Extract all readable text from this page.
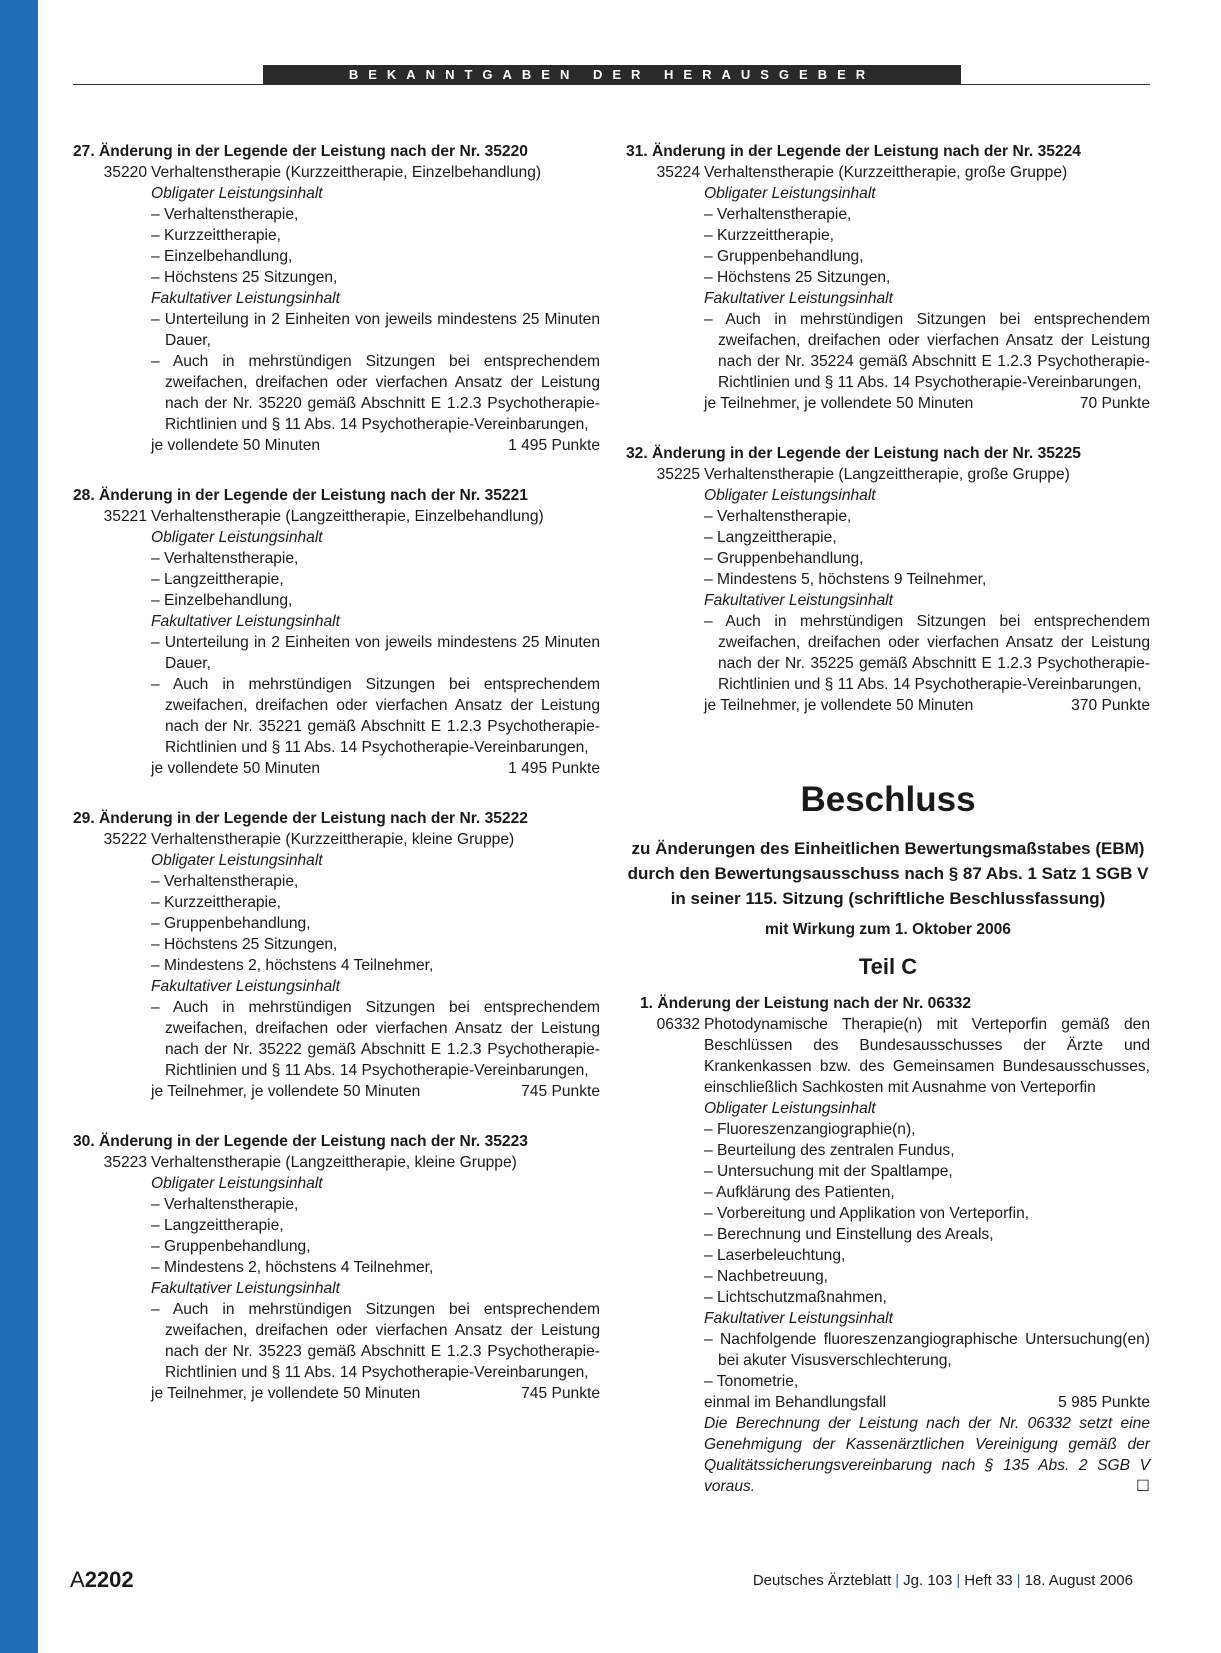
BEKANNTGABEN DER HERAUSGEBER
27. Änderung in der Legende der Leistung nach der Nr. 35220
35220 Verhaltenstherapie (Kurzzeittherapie, Einzelbehandlung)
Obligater Leistungsinhalt
– Verhaltenstherapie,
– Kurzzeittherapie,
– Einzelbehandlung,
– Höchstens 25 Sitzungen,
Fakultativer Leistungsinhalt
– Unterteilung in 2 Einheiten von jeweils mindestens 25 Minuten Dauer,
– Auch in mehrstündigen Sitzungen bei entsprechendem zweifachen, dreifachen oder vierfachen Ansatz der Leistung nach der Nr. 35220 gemäß Abschnitt E 1.2.3 Psychotherapie-Richtlinien und § 11 Abs. 14 Psychotherapie-Vereinbarungen,
je vollendete 50 Minuten	1 495 Punkte
28. Änderung in der Legende der Leistung nach der Nr. 35221
35221 Verhaltenstherapie (Langzeittherapie, Einzelbehandlung)
Obligater Leistungsinhalt
– Verhaltenstherapie,
– Langzeittherapie,
– Einzelbehandlung,
Fakultativer Leistungsinhalt
– Unterteilung in 2 Einheiten von jeweils mindestens 25 Minuten Dauer,
– Auch in mehrstündigen Sitzungen bei entsprechendem zweifachen, dreifachen oder vierfachen Ansatz der Leistung nach der Nr. 35221 gemäß Abschnitt E 1.2.3 Psychotherapie-Richtlinien und § 11 Abs. 14 Psychotherapie-Vereinbarungen,
je vollendete 50 Minuten	1 495 Punkte
29. Änderung in der Legende der Leistung nach der Nr. 35222
35222 Verhaltenstherapie (Kurzzeittherapie, kleine Gruppe)
Obligater Leistungsinhalt
– Verhaltenstherapie,
– Kurzzeittherapie,
– Gruppenbehandlung,
– Höchstens 25 Sitzungen,
– Mindestens 2, höchstens 4 Teilnehmer,
Fakultativer Leistungsinhalt
– Auch in mehrstündigen Sitzungen bei entsprechendem zweifachen, dreifachen oder vierfachen Ansatz der Leistung nach der Nr. 35222 gemäß Abschnitt E 1.2.3 Psychotherapie-Richtlinien und § 11 Abs. 14 Psychotherapie-Vereinbarungen,
je Teilnehmer, je vollendete 50 Minuten	745 Punkte
30. Änderung in der Legende der Leistung nach der Nr. 35223
35223 Verhaltenstherapie (Langzeittherapie, kleine Gruppe)
Obligater Leistungsinhalt
– Verhaltenstherapie,
– Langzeittherapie,
– Gruppenbehandlung,
– Mindestens 2, höchstens 4 Teilnehmer,
Fakultativer Leistungsinhalt
– Auch in mehrstündigen Sitzungen bei entsprechendem zweifachen, dreifachen oder vierfachen Ansatz der Leistung nach der Nr. 35223 gemäß Abschnitt E 1.2.3 Psychotherapie-Richtlinien und § 11 Abs. 14 Psychotherapie-Vereinbarungen,
je Teilnehmer, je vollendete 50 Minuten	745 Punkte
31. Änderung in der Legende der Leistung nach der Nr. 35224
35224 Verhaltenstherapie (Kurzzeittherapie, große Gruppe)
Obligater Leistungsinhalt
– Verhaltenstherapie,
– Kurzzeittherapie,
– Gruppenbehandlung,
– Höchstens 25 Sitzungen,
Fakultativer Leistungsinhalt
– Auch in mehrstündigen Sitzungen bei entsprechendem zweifachen, dreifachen oder vierfachen Ansatz der Leistung nach der Nr. 35224 gemäß Abschnitt E 1.2.3 Psychotherapie-Richtlinien und § 11 Abs. 14 Psychotherapie-Vereinbarungen,
je Teilnehmer, je vollendete 50 Minuten	70 Punkte
32. Änderung in der Legende der Leistung nach der Nr. 35225
35225 Verhaltenstherapie (Langzeittherapie, große Gruppe)
Obligater Leistungsinhalt
– Verhaltenstherapie,
– Langzeittherapie,
– Gruppenbehandlung,
– Mindestens 5, höchstens 9 Teilnehmer,
Fakultativer Leistungsinhalt
– Auch in mehrstündigen Sitzungen bei entsprechendem zweifachen, dreifachen oder vierfachen Ansatz der Leistung nach der Nr. 35225 gemäß Abschnitt E 1.2.3 Psychotherapie-Richtlinien und § 11 Abs. 14 Psychotherapie-Vereinbarungen,
je Teilnehmer, je vollendete 50 Minuten	370 Punkte
Beschluss
zu Änderungen des Einheitlichen Bewertungsmaßstabes (EBM) durch den Bewertungsausschuss nach § 87 Abs. 1 Satz 1 SGB V in seiner 115. Sitzung (schriftliche Beschlussfassung)
mit Wirkung zum 1. Oktober 2006
Teil C
1. Änderung der Leistung nach der Nr. 06332
06332 Photodynamische Therapie(n) mit Verteporfin gemäß den Beschlüssen des Bundesausschusses der Ärzte und Krankenkassen bzw. des Gemeinsamen Bundesausschusses, einschließlich Sachkosten mit Ausnahme von Verteporfin
Obligater Leistungsinhalt
– Fluoreszenzangiographie(n),
– Beurteilung des zentralen Fundus,
– Untersuchung mit der Spaltlampe,
– Aufklärung des Patienten,
– Vorbereitung und Applikation von Verteporfin,
– Berechnung und Einstellung des Areals,
– Laserbeleuchtung,
– Nachbetreuung,
– Lichtschutzmaßnahmen,
Fakultativer Leistungsinhalt
– Nachfolgende fluoreszenzangiographische Untersuchung(en) bei akuter Visusverschlechterung,
– Tonometrie,
einmal im Behandlungsfall	5 985 Punkte
Die Berechnung der Leistung nach der Nr. 06332 setzt eine Genehmigung der Kassenärztlichen Vereinigung gemäß der Qualitätssicherungsvereinbarung nach § 135 Abs. 2 SGB V voraus.	☐
A2202	Deutsches Ärzteblatt | Jg. 103 | Heft 33 | 18. August 2006
